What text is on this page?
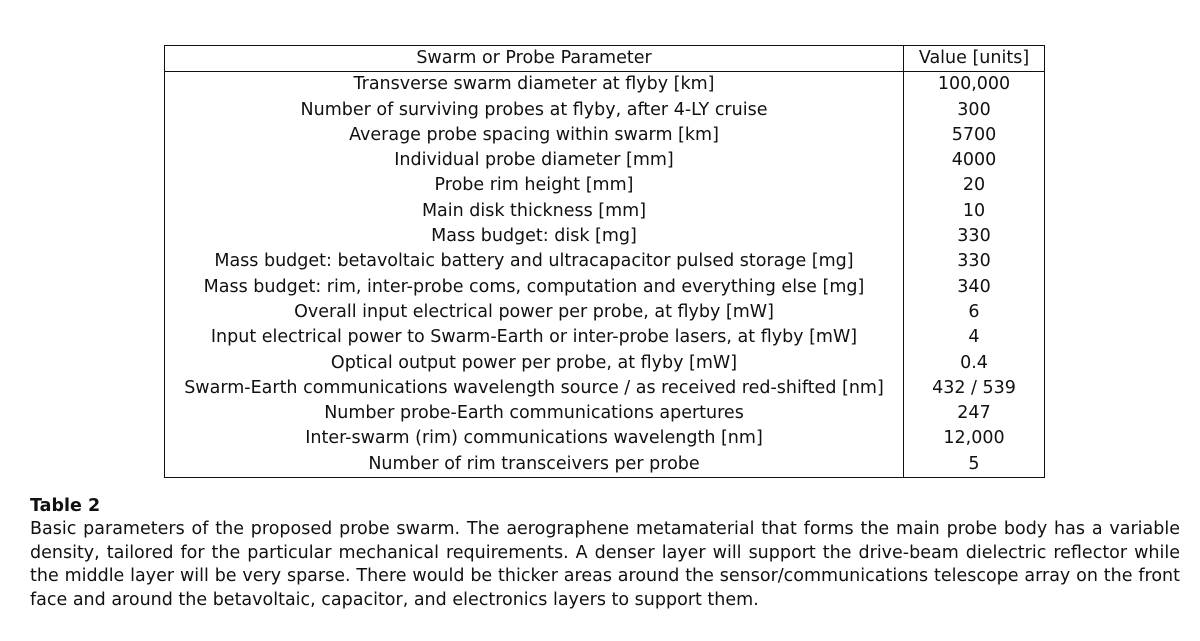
Swarm or Probe Parameter	Value [units]
Transverse swarm diameter at flyby [km]	100,000
Number of surviving probes at flyby, after 4-LY cruise	300
Average probe spacing within swarm [km]	5700
Individual probe diameter [mm]	4000
Probe rim height [mm]	20
Main disk thickness [mm]	10
Mass budget: disk [mg]	330
Mass budget: betavoltaic battery and ultracapacitor pulsed storage [mg]	330
Mass budget: rim, inter-probe coms, computation and everything else [mg]	340
Overall input electrical power per probe, at flyby [mW]	6
Input electrical power to Swarm-Earth or inter-probe lasers, at flyby [mW]	4
Optical output power per probe, at flyby [mW]	0.4
Swarm-Earth communications wavelength source / as received red-shifted [nm]	432 / 539
Number probe-Earth communications apertures	247
Inter-swarm (rim) communications wavelength [nm]	12,000
Number of rim transceivers per probe	5
Table 2
Basic parameters of the proposed probe swarm. The aerographene metamaterial that forms the main probe body has a variable density, tailored for the particular mechanical requirements. A denser layer will support the drive-beam dielectric reflector while the middle layer will be very sparse. There would be thicker areas around the sensor/communications telescope array on the front face and around the betavoltaic, capacitor, and electronics layers to support them.
